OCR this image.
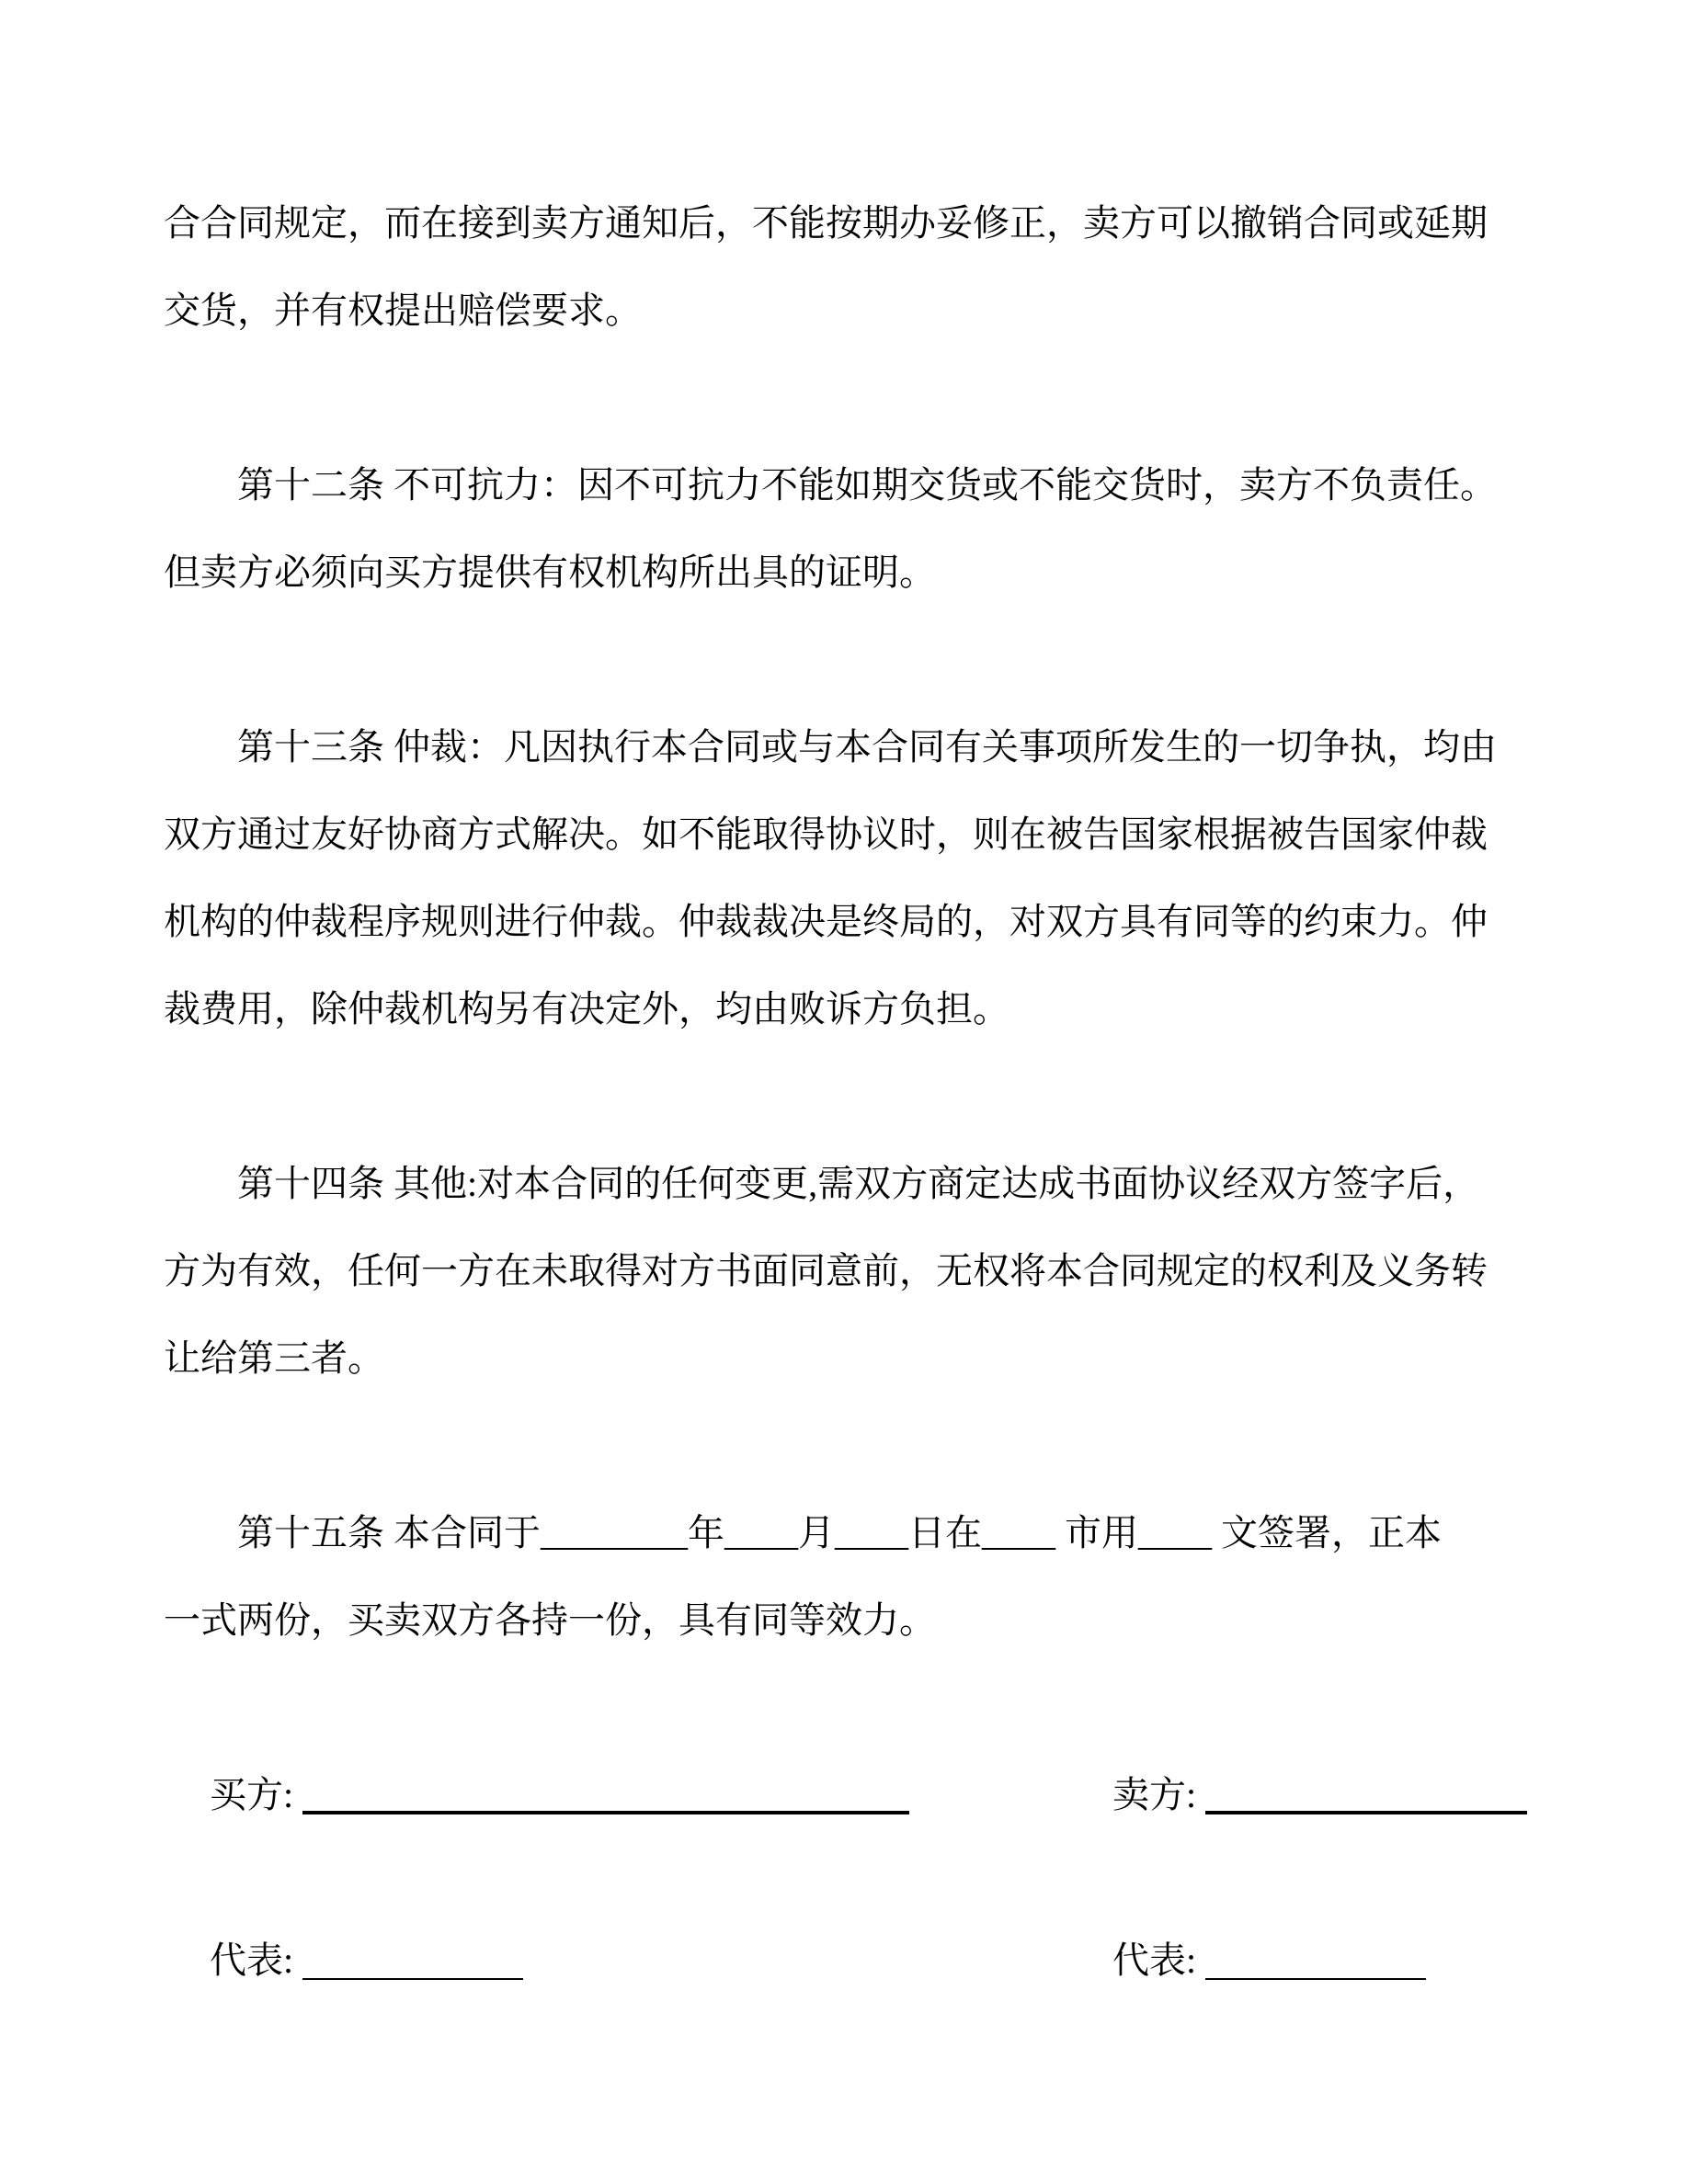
合合同规定，而在接到卖方通知后，不能按期办妥修正，卖方可以撤销合同或延期
交货，并有权提出赔偿要求。
第十二条 不可抗力：因不可抗力不能如期交货或不能交货时，卖方不负责任。
但卖方必须向买方提供有权机构所出具的证明。
第十三条 仲裁：凡因执行本合同或与本合同有关事项所发生的一切争执，均由
双方通过友好协商方式解决。如不能取得协议时，则在被告国家根据被告国家仲裁
机构的仲裁程序规则进行仲裁。仲裁裁决是终局的，对双方具有同等的约束力。仲
裁费用，除仲裁机构另有决定外，均由败诉方负担。
第十四条 其他:对本合同的任何变更,需双方商定达成书面协议经双方签字后，
方为有效，任何一方在未取得对方书面同意前，无权将本合同规定的权利及义务转
让给第三者。
第十五条 本合同于________年____月____日在____ 市用____ 文签署，正本
一式两份，买卖双方各持一份，具有同等效力。
买方:	卖方:
代表:	代表:
